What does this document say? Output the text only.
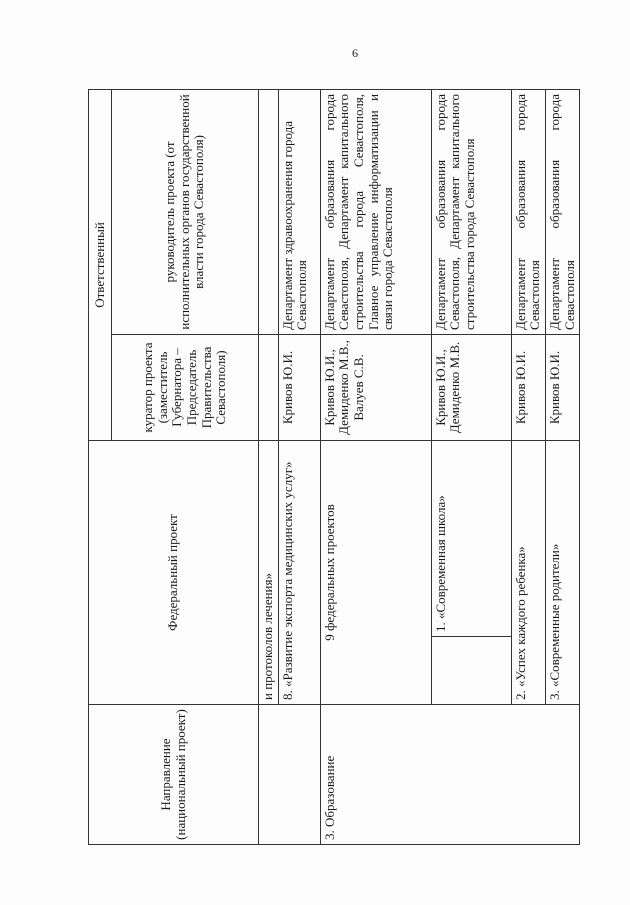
6
Направление (национальный проект)	Федеральный проект		Ответственный	
			куратор проекта (заместитель Губернатора – Председатель Правительства Севастополя)	руководитель проекта (от исполнительных органов государственной власти города Севастополя)
	и протоколов лечения»			
	8. «Развитие экспорта медицинских услуг»		Кривов Ю.И.	Департамент здравоохранения города Севастополя
3. Образование	9 федеральных проектов		Кривов Ю.И., Демиденко М.В., Валуев С.В.	Департамент образования города Севастополя, Департамент капитального строительства города Севастополя, Главное управление информатизации и связи города Севастополя
		1. «Современная школа»	Кривов Ю.И., Демиденко М.В.	Департамент образования города Севастополя, Департамент капитального строительства города Севастополя
	2. «Успех каждого ребенка»		Кривов Ю.И.	Департамент образования города Севастополя
	3. «Современные родители»		Кривов Ю.И.	Департамент образования города Севастополя
